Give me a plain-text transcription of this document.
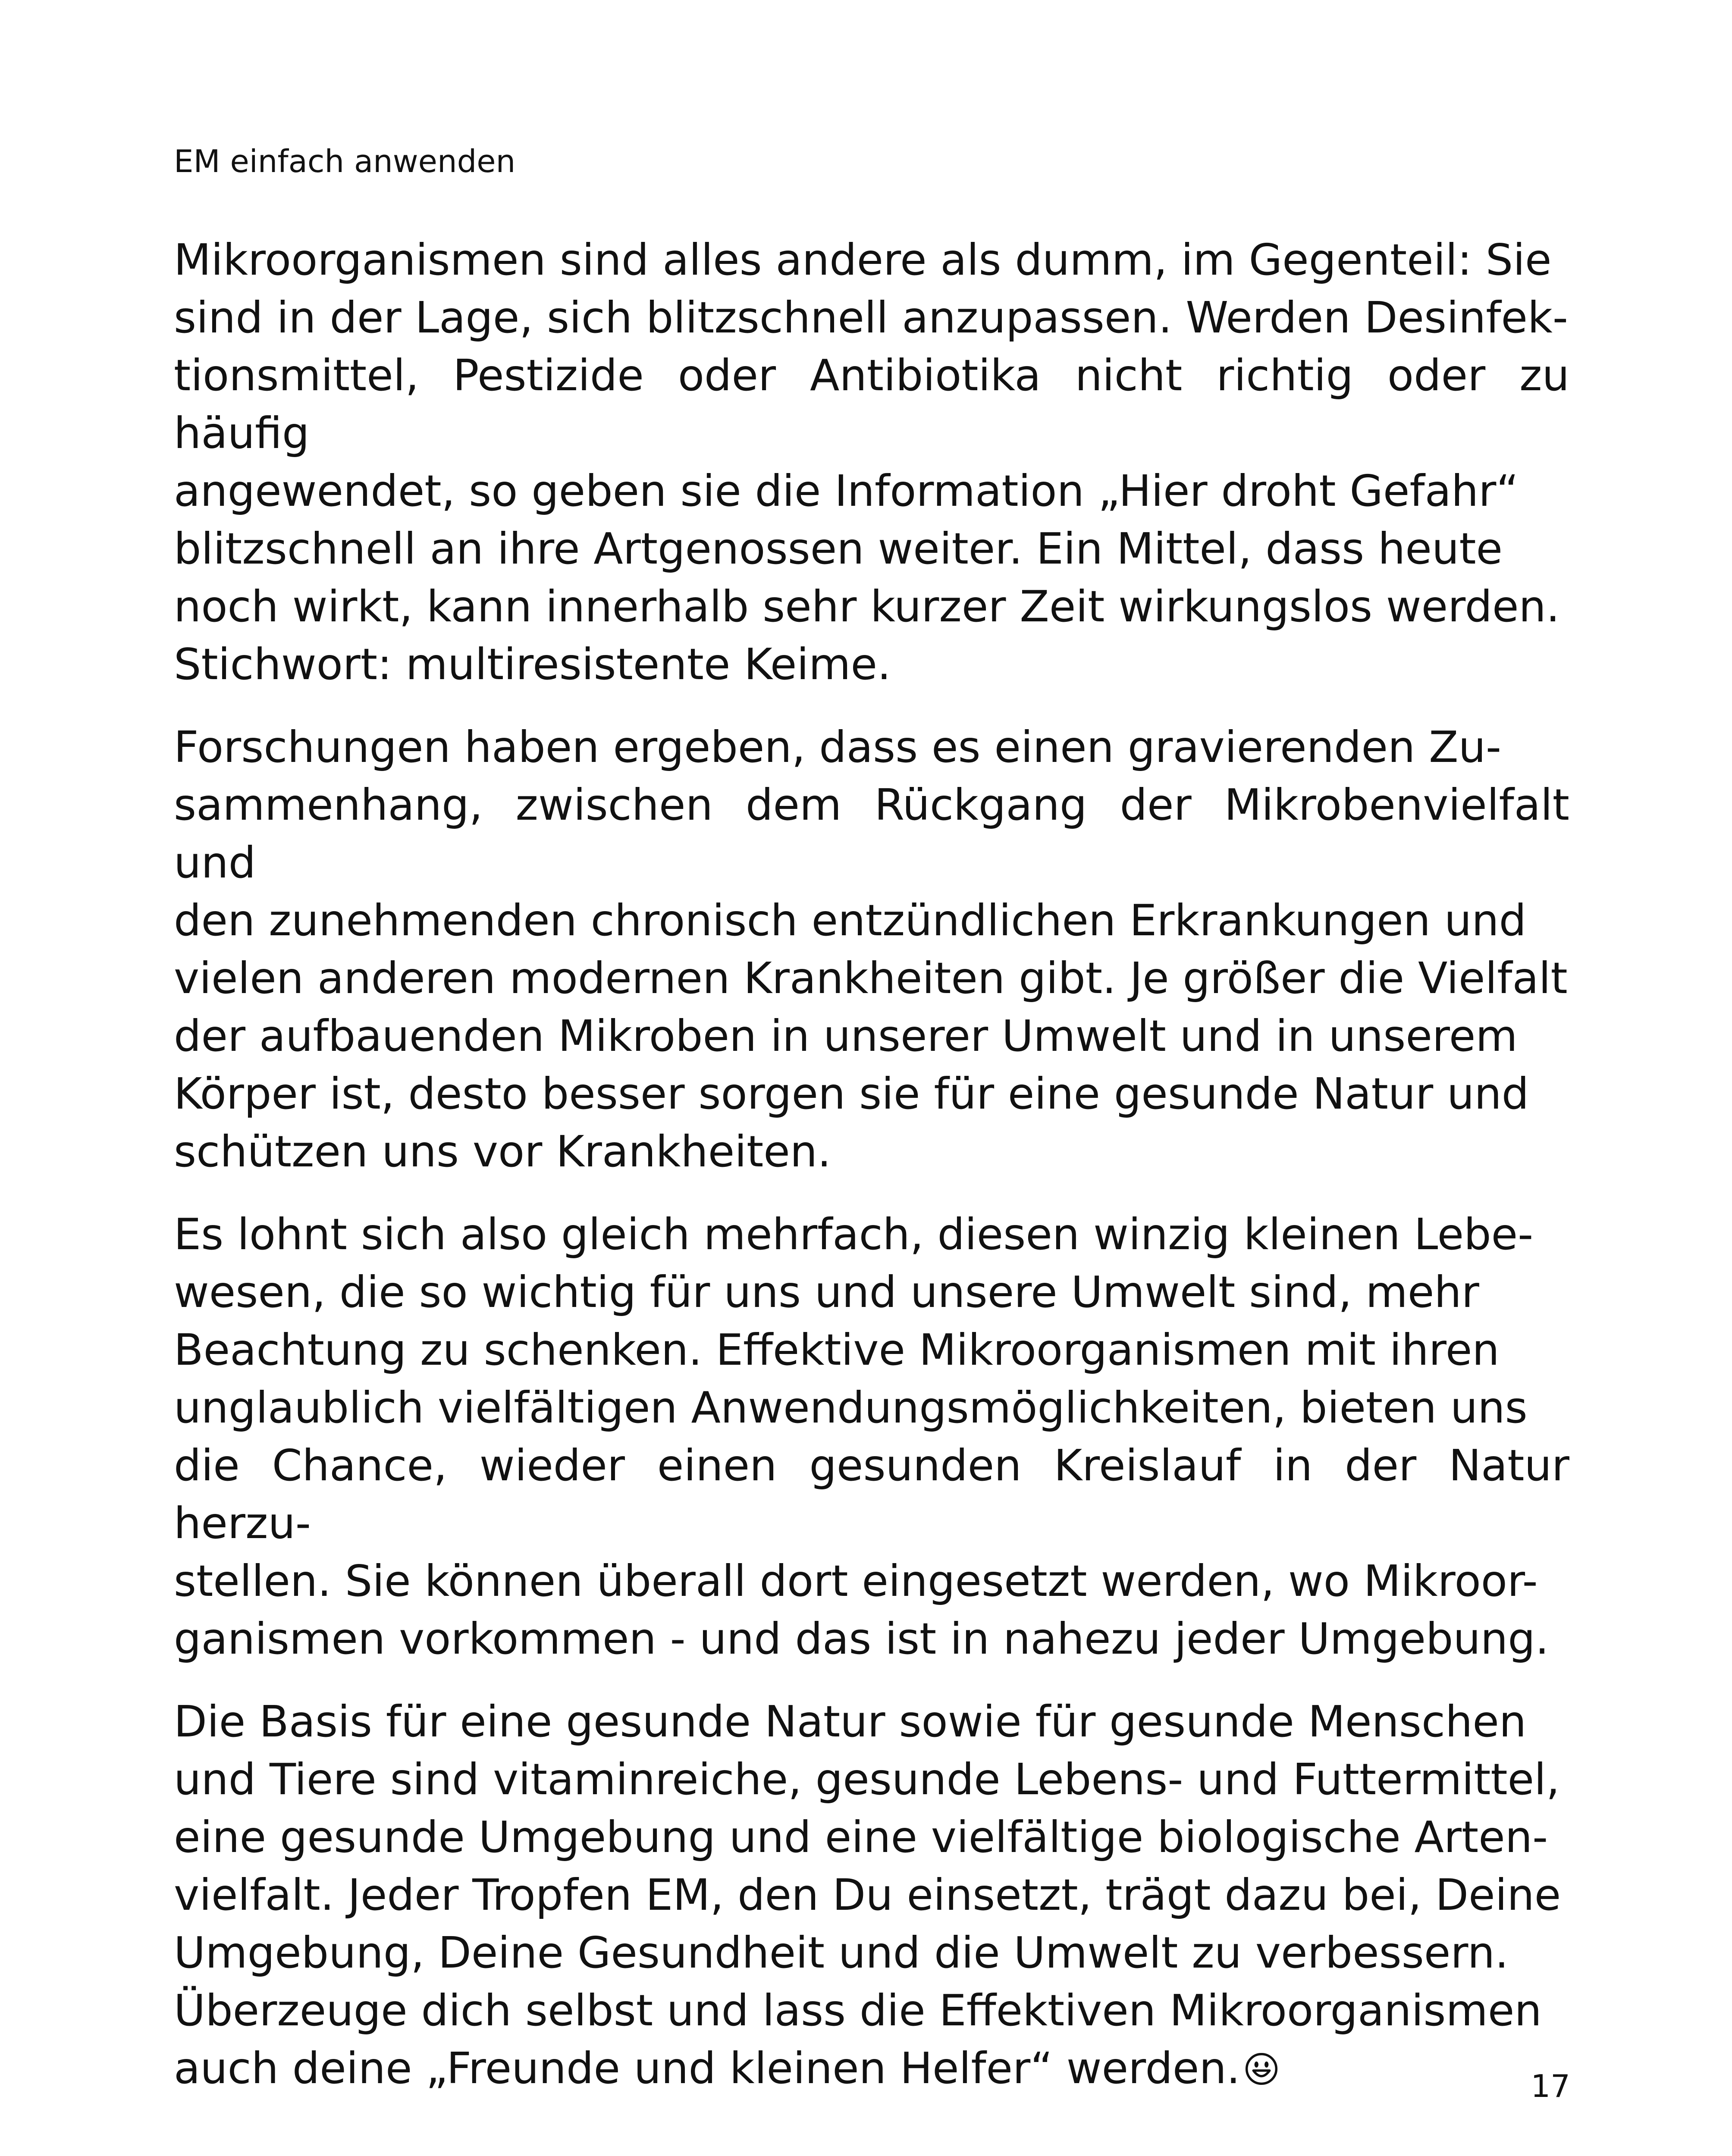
EM einfach anwenden

Mikroorganismen sind alles andere als dumm, im Gegenteil: Sie
sind in der Lage, sich blitzschnell anzupassen. Werden Desinfek-
tionsmittel, Pestizide oder Antibiotika nicht richtig oder zu häufig
angewendet, so geben sie die Information „Hier droht Gefahr“
blitzschnell an ihre Artgenossen weiter. Ein Mittel, dass heute
noch wirkt, kann innerhalb sehr kurzer Zeit wirkungslos werden.
Stichwort: multiresistente Keime.

Forschungen haben ergeben, dass es einen gravierenden Zu-
sammenhang, zwischen dem Rückgang der Mikrobenvielfalt und
den zunehmenden chronisch entzündlichen Erkrankungen und
vielen anderen modernen Krankheiten gibt. Je größer die Vielfalt
der aufbauenden Mikroben in unserer Umwelt und in unserem
Körper ist, desto besser sorgen sie für eine gesunde Natur und
schützen uns vor Krankheiten.

Es lohnt sich also gleich mehrfach, diesen winzig kleinen Lebe-
wesen, die so wichtig für uns und unsere Umwelt sind, mehr
Beachtung zu schenken. Effektive Mikroorganismen mit ihren
unglaublich vielfältigen Anwendungsmöglichkeiten, bieten uns
die Chance, wieder einen gesunden Kreislauf in der Natur herzu-
stellen. Sie können überall dort eingesetzt werden, wo Mikroor-
ganismen vorkommen - und das ist in nahezu jeder Umgebung.

Die Basis für eine gesunde Natur sowie für gesunde Menschen
und Tiere sind vitaminreiche, gesunde Lebens- und Futtermittel,
eine gesunde Umgebung und eine vielfältige biologische Arten-
vielfalt. Jeder Tropfen EM, den Du einsetzt, trägt dazu bei, Deine
Umgebung, Deine Gesundheit und die Umwelt zu verbessern.
Überzeuge dich selbst und lass die Effektiven Mikroorganismen
auch deine „Freunde und kleinen Helfer“ werden.	17
